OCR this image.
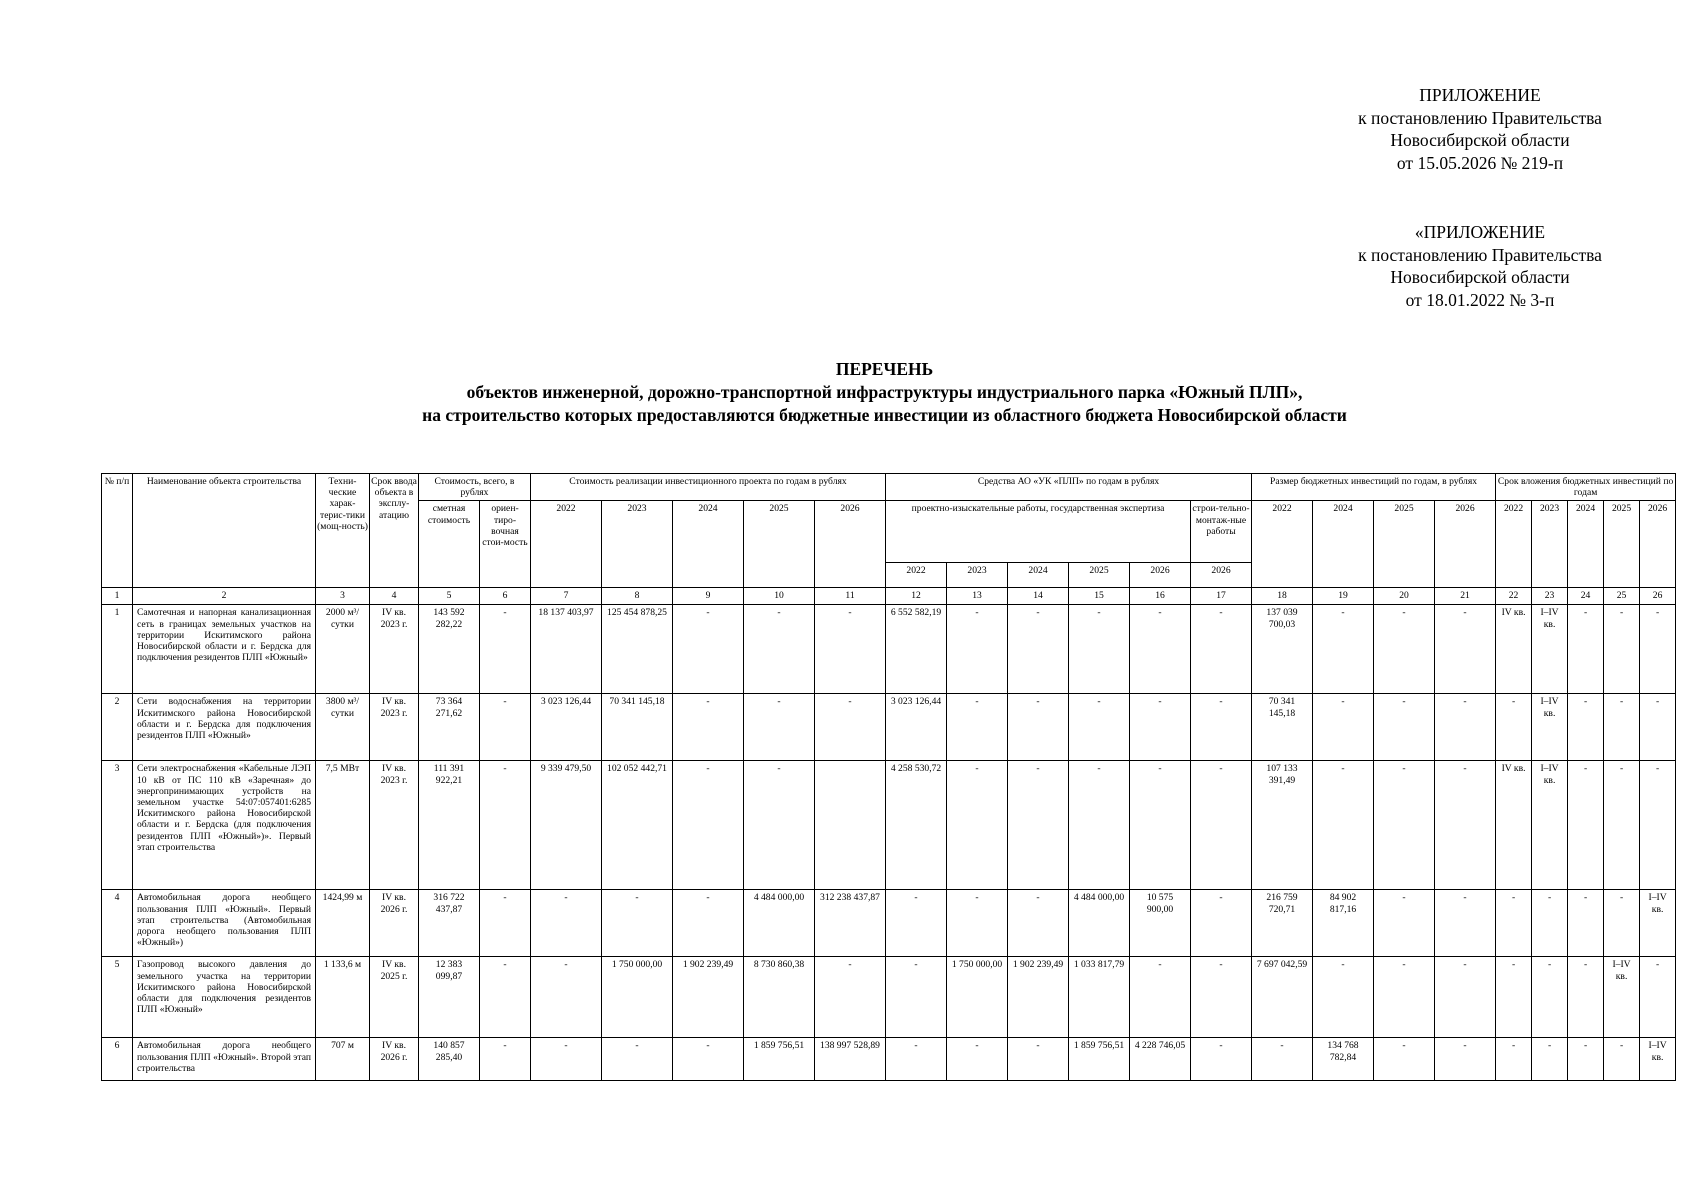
ПРИЛОЖЕНИЕ
к постановлению Правительства
Новосибирской области
от 15.05.2026 № 219-п
«ПРИЛОЖЕНИЕ
к постановлению Правительства
Новосибирской области
от 18.01.2022 № 3-п
ПЕРЕЧЕНЬ
объектов инженерной, дорожно-транспортной инфраструктуры индустриального парка «Южный ПЛП»,
на строительство которых предоставляются бюджетные инвестиции из областного бюджета Новосибирской области
№ п/п	Наименование объекта строительства	Техни-ческие харак-терис-тики (мощ-ность)	Срок ввода объекта в эксплу-атацию	Стоимость, всего, в рублях		Стоимость реализации инвестиционного проекта по годам в рублях					Средства АО «УК «ПЛП» по годам в рублях						Размер бюджетных инвестиций по годам, в рублях				Срок вложения бюджетных инвестиций по годам				
				сметная стоимость	ориен-тиро-вочная стои-мость	2022	2023	2024	2025	2026	проектно-изыскательные работы, государственная экспертиза					строи-тельно-монтаж-ные работы	2022	2024	2025	2026	2022	2023	2024	2025	2026
											2022	2023	2024	2025	2026	2026									
1	2	3	4	5	6	7	8	9	10	11	12	13	14	15	16	17	18	19	20	21	22	23	24	25	26
1	Самотечная и напорная канализационная сеть в границах земельных участков на территории Искитимского района Новосибирской области и г. Бердска для подключения резидентов ПЛП «Южный»	2000 м³/сутки	IV кв. 2023 г.	143 592 282,22	-	18 137 403,97	125 454 878,25	-	-	-	6 552 582,19	-	-	-	-	-	137 039 700,03	-	-	-	IV кв.	I–IV кв.	-	-	-
2	Сети водоснабжения на территории Искитимского района Новосибирской области и г. Бердска для подключения резидентов ПЛП «Южный»	3800 м³/сутки	IV кв. 2023 г.	73 364 271,62	-	3 023 126,44	70 341 145,18	-	-	-	3 023 126,44	-	-	-	-	-	70 341 145,18	-	-	-	-	I–IV кв.	-	-	-
3	Сети электроснабжения «Кабельные ЛЭП 10 кВ от ПС 110 кВ «Заречная» до энергопринимающих устройств на земельном участке 54:07:057401:6285 Искитимского района Новосибирской области и г. Бердска (для подключения резидентов ПЛП «Южный»)». Первый этап строительства	7,5 МВт	IV кв. 2023 г.	111 391 922,21	-	9 339 479,50	102 052 442,71	-	-		4 258 530,72	-	-	-	-	-	107 133 391,49	-	-	-	IV кв.	I–IV кв.	-	-	-
4	Автомобильная дорога необщего пользования ПЛП «Южный». Первый этап строительства (Автомобильная дорога необщего пользования ПЛП «Южный»)	1424,99 м	IV кв. 2026 г.	316 722 437,87	-	-	-	-	4 484 000,00	312 238 437,87	-	-	-	4 484 000,00	10 575 900,00	-	216 759 720,71	84 902 817,16	-	-	-	-	-	-	I–IV кв.
5	Газопровод высокого давления до земельного участка на территории Искитимского района Новосибирской области для подключения резидентов ПЛП «Южный»	1 133,6 м	IV кв. 2025 г.	12 383 099,87	-	-	1 750 000,00	1 902 239,49	8 730 860,38	-	-	1 750 000,00	1 902 239,49	1 033 817,79	-	-	7 697 042,59	-	-	-	-	-	-	I–IV кв.	-
6	Автомобильная дорога необщего пользования ПЛП «Южный». Второй этап строительства	707 м	IV кв. 2026 г.	140 857 285,40	-	-	-	-	1 859 756,51	138 997 528,89	-	-	-	1 859 756,51	4 228 746,05	-	-	134 768 782,84	-	-	-	-	-	-	I–IV кв.
